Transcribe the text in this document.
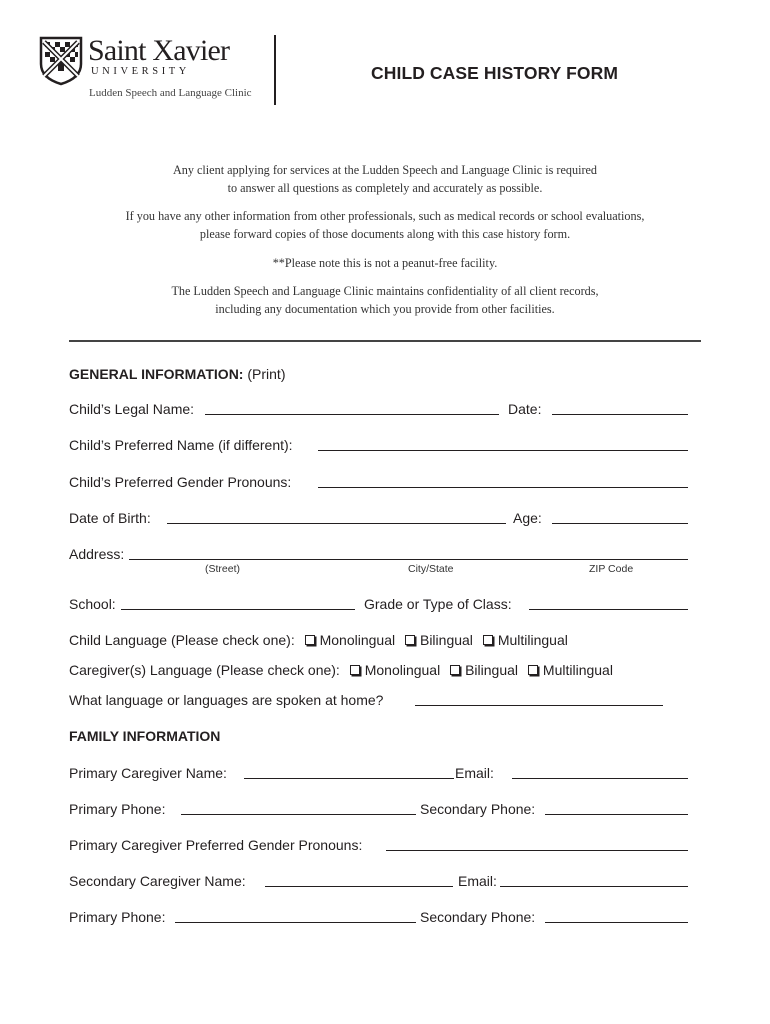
Saint Xavier
UNIVERSITY
Ludden Speech and Language Clinic
CHILD CASE HISTORY FORM
Any client applying for services at the Ludden Speech and Language Clinic is required
to answer all questions as completely and accurately as possible.
If you have any other information from other professionals, such as medical records or school evaluations,
please forward copies of those documents along with this case history form.
**Please note this is not a peanut-free facility.
The Ludden Speech and Language Clinic maintains confidentiality of all client records,
including any documentation which you provide from other facilities.
GENERAL INFORMATION: (Print)
Child’s Legal Name:	Date:
Child’s Preferred Name (if different):
Child’s Preferred Gender Pronouns:
Date of Birth:	Age:
Address:
(Street)	City/State	ZIP Code
School:	Grade or Type of Class:
Child Language (Please check one): Monolingual Bilingual Multilingual
Caregiver(s) Language (Please check one): Monolingual Bilingual Multilingual
What language or languages are spoken at home?
FAMILY INFORMATION
Primary Caregiver Name:	Email:
Primary Phone:	Secondary Phone:
Primary Caregiver Preferred Gender Pronouns:
Secondary Caregiver Name:	Email:
Primary Phone:	Secondary Phone:
